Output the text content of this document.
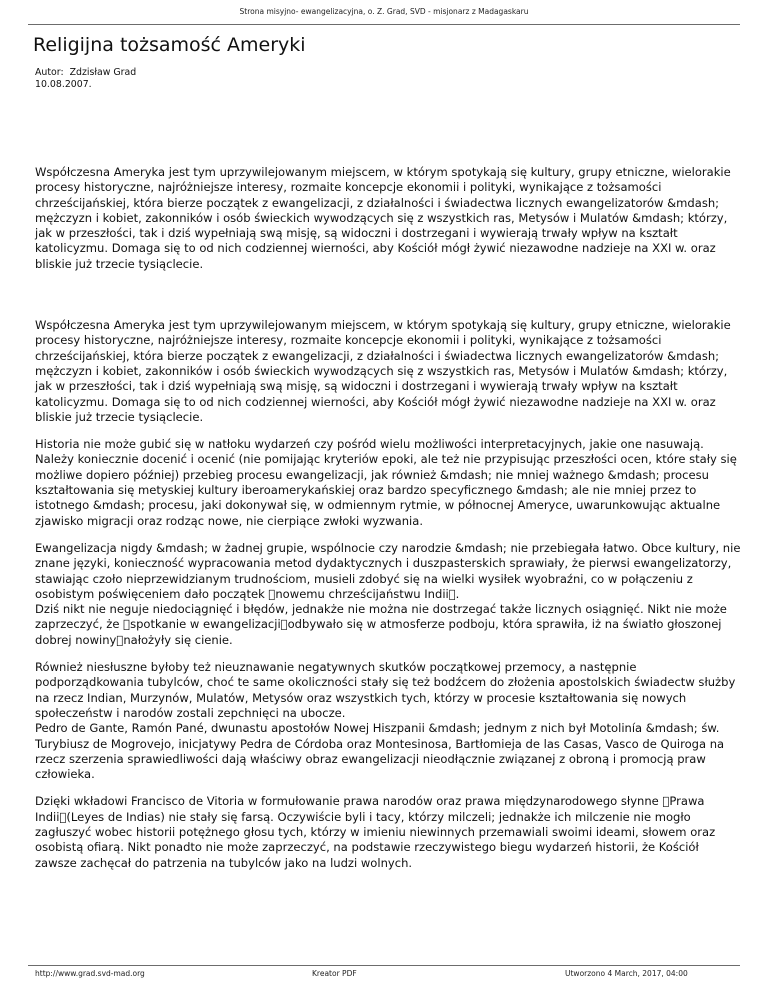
Strona misyjno- ewangelizacyjna, o. Z. Grad, SVD - misjonarz z Madagaskaru
Religijna tożsamość Ameryki
Autor:  Zdzisław Grad
10.08.2007.

Współczesna Ameryka jest tym uprzywilejowanym miejscem, w którym spotykają się kultury, grupy etniczne, wielorakie procesy historyczne, najróżniejsze interesy, rozmaite koncepcje ekonomii i polityki, wynikające z tożsamości chrześcijańskiej, która bierze początek z ewangelizacji, z działalności i świadectwa licznych ewangelizatorów &mdash; mężczyzn i kobiet, zakonników i osób świeckich wywodzących się z wszystkich ras, Metysów i Mulatów &mdash; którzy, jak w przeszłości, tak i dziś wypełniają swą misję, są widoczni i dostrzegani i wywierają trwały wpływ na kształt katolicyzmu. Domaga się to od nich codziennej wierności, aby Kościół mógł żywić niezawodne nadzieje na XXI w. oraz bliskie już trzecie tysiąclecie.

Współczesna Ameryka jest tym uprzywilejowanym miejscem, w którym spotykają się kultury, grupy etniczne, wielorakie procesy historyczne, najróżniejsze interesy, rozmaite koncepcje ekonomii i polityki, wynikające z tożsamości chrześcijańskiej, która bierze początek z ewangelizacji, z działalności i świadectwa licznych ewangelizatorów &mdash; mężczyzn i kobiet, zakonników i osób świeckich wywodzących się z wszystkich ras, Metysów i Mulatów &mdash; którzy, jak w przeszłości, tak i dziś wypełniają swą misję, są widoczni i dostrzegani i wywierają trwały wpływ na kształt katolicyzmu. Domaga się to od nich codziennej wierności, aby Kościół mógł żywić niezawodne nadzieje na XXI w. oraz bliskie już trzecie tysiąclecie.

Historia nie może gubić się w natłoku wydarzeń czy pośród wielu możliwości interpretacyjnych, jakie one nasuwają. Należy koniecznie docenić i ocenić (nie pomijając kryteriów epoki, ale też nie przypisując przeszłości ocen, które stały się możliwe dopiero później) przebieg procesu ewangelizacji, jak również &mdash; nie mniej ważnego &mdash; procesu kształtowania się metyskiej kultury iberoamerykańskiej oraz bardzo specyficznego &mdash; ale nie mniej przez to istotnego &mdash; procesu, jaki dokonywał się, w odmiennym rytmie, w północnej Ameryce, uwarunkowując aktualne zjawisko migracji oraz rodząc nowe, nie cierpiące zwłoki wyzwania.

Ewangelizacja nigdy &mdash; w żadnej grupie, wspólnocie czy narodzie &mdash; nie przebiegała łatwo. Obce kultury, nie znane języki, konieczność wypracowania metod dydaktycznych i duszpasterskich sprawiały, że pierwsi ewangelizatorzy, stawiając czoło nieprzewidzianym trudnościom, musieli zdobyć się na wielki wysiłek wyobraźni, co w połączeniu z osobistym poświęceniem dało początek  nowemu chrześcijaństwu Indii .
Dziś nikt nie neguje niedociągnięć i błędów, jednakże nie można nie dostrzegać także licznych osiągnięć. Nikt nie może zaprzeczyć, że  spotkanie w ewangelizacji odbywało się w atmosferze podboju, która sprawiła, iż na światło głoszonej dobrej nowiny nałożyły się cienie.

Również niesłuszne byłoby też nieuznawanie negatywnych skutków początkowej przemocy, a następnie podporządkowania tubylców, choć te same okoliczności stały się też bodźcem do złożenia apostolskich świadectw służby na rzecz Indian, Murzynów, Mulatów, Metysów oraz wszystkich tych, którzy w procesie kształtowania się nowych społeczeństw i narodów zostali zepchnięci na ubocze.
Pedro de Gante, Ramón Pané, dwunastu apostołów Nowej Hiszpanii &mdash; jednym z nich był Motolinía &mdash; św. Turybiusz de Mogrovejo, inicjatywy Pedra de Córdoba oraz Montesinosa, Bartłomieja de las Casas, Vasco de Quiroga na rzecz szerzenia sprawiedliwości dają właściwy obraz ewangelizacji nieodłącznie związanej z obroną i promocją praw człowieka.

Dzięki wkładowi Francisco de Vitoria w formułowanie prawa narodów oraz prawa międzynarodowego słynne  Prawa Indii (Leyes de Indias) nie stały się farsą. Oczywiście byli i tacy, którzy milczeli; jednakże ich milczenie nie mogło zagłuszyć wobec historii potężnego głosu tych, którzy w imieniu niewinnych przemawiali swoimi ideami, słowem oraz osobistą ofiarą. Nikt ponadto nie może zaprzeczyć, na podstawie rzeczywistego biegu wydarzeń historii, że Kościół zawsze zachęcał do patrzenia na tubylców jako na ludzi wolnych.

http://www.grad.svd-mad.org	Kreator PDF	Utworzono 4 March, 2017, 04:00
